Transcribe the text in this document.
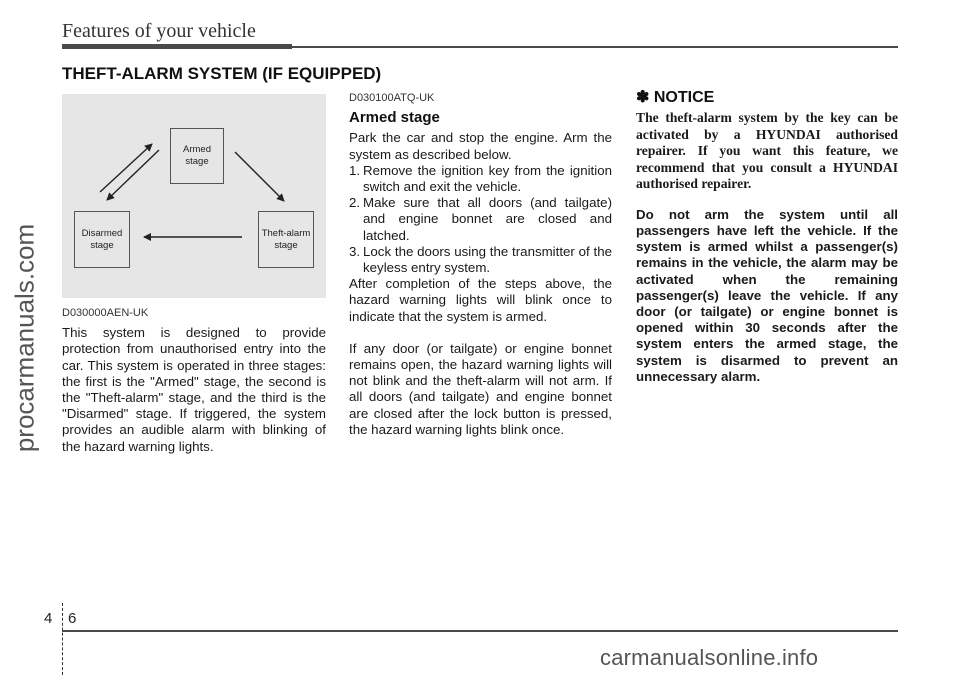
Features of your vehicle
THEFT-ALARM SYSTEM (IF EQUIPPED)
procarmanuals.com
Armed stage
Disarmed stage
Theft-alarm stage
D030000AEN-UK

This system is designed to provide protection from unauthorised entry into the car. This system is operated in three stages: the first is the "Armed" stage, the second is the "Theft-alarm" stage, and the third is the "Disarmed" stage. If triggered, the system provides an audible alarm with blinking of the hazard warning lights.

D030100ATQ-UK
Armed stage

Park the car and stop the engine. Arm the system as described below.

1. Remove the ignition key from the ignition switch and exit the vehicle.
2. Make sure that all doors (and tailgate) and engine bonnet are closed and latched.
3. Lock the doors using the transmitter of the keyless entry system.

After completion of the steps above, the hazard warning lights will blink once to indicate that the system is armed.

If any door (or tailgate) or engine bonnet remains open, the hazard warning lights will not blink and the theft-alarm will not arm. If all doors (and tailgate) and engine bonnet are closed after the lock button is pressed, the hazard warning lights blink once.

✽ NOTICE

The theft-alarm system by the key can be activated by a HYUNDAI authorised repairer. If you want this feature, we recommend that you consult a HYUNDAI authorised repairer.

Do not arm the system until all passengers have left the vehicle. If the system is armed whilst a passenger(s) remains in the vehicle, the alarm may be activated when the remaining passenger(s) leave the vehicle. If any door (or tailgate) or engine bonnet is opened within 30 seconds after the system enters the armed stage, the system is disarmed to prevent an unnecessary alarm.

4 6
carmanualsonline.info
